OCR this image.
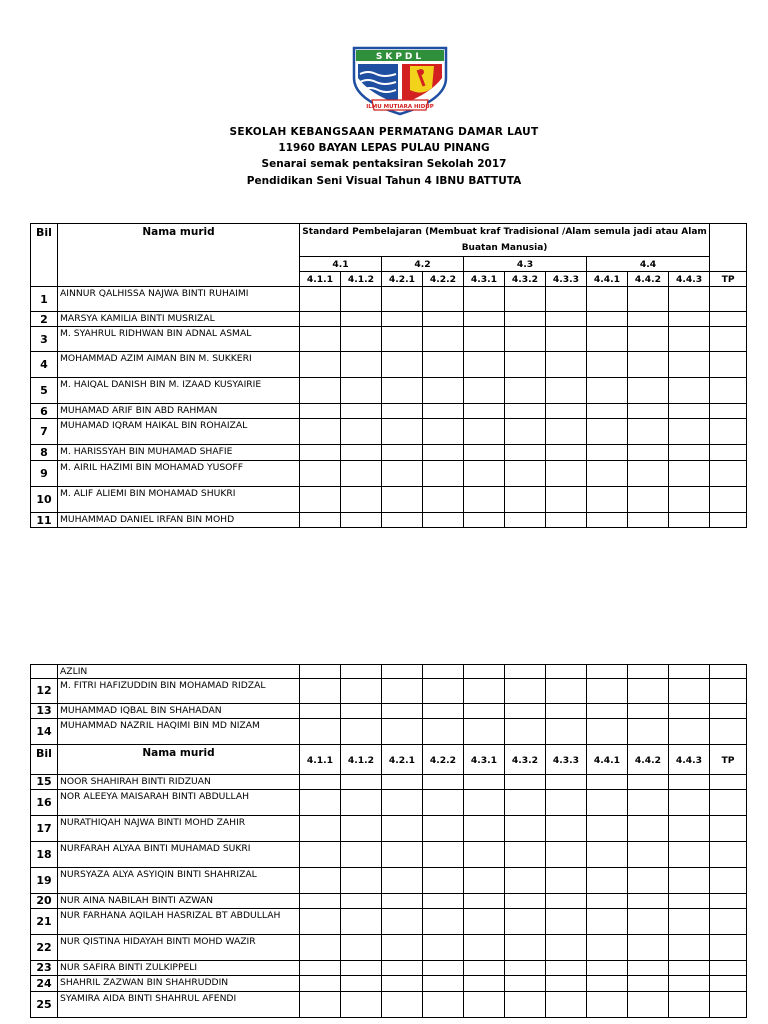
SKPDL
ILMU MUTIARA HIDUP
SEKOLAH KEBANGSAAN PERMATANG DAMAR LAUT
11960 BAYAN LEPAS PULAU PINANG
Senarai semak pentaksiran Sekolah 2017
Pendidikan Seni Visual Tahun 4 IBNU BATTUTA
Bil	Nama murid	Standard Pembelajaran (Membuat kraf Tradisional /Alam semula jadi atau Alam Buatan Manusia)										
		4.1		4.2		4.3			4.4			
		4.1.1	4.1.2	4.2.1	4.2.2	4.3.1	4.3.2	4.3.3	4.4.1	4.4.2	4.4.3	TP
1	AINNUR QALHISSA NAJWA BINTI RUHAIMI											
2	MARSYA KAMILIA BINTI MUSRIZAL											
3	M. SYAHRUL RIDHWAN BIN ADNAL ASMAL											
4	MOHAMMAD AZIM AIMAN BIN M. SUKKERI											
5	M. HAIQAL DANISH BIN M. IZAAD KUSYAIRIE											
6	MUHAMAD ARIF BIN ABD RAHMAN											
7	MUHAMAD IQRAM HAIKAL BIN ROHAIZAL											
8	M. HARISSYAH BIN MUHAMAD SHAFIE											
9	M. AIRIL HAZIMI BIN MOHAMAD YUSOFF											
10	M. ALIF ALIEMI BIN MOHAMAD SHUKRI											
11	MUHAMMAD DANIEL IRFAN BIN MOHD											
	AZLIN											
12	M. FITRI HAFIZUDDIN BIN MOHAMAD RIDZAL											
13	MUHAMMAD IQBAL BIN SHAHADAN											
14	MUHAMMAD NAZRIL HAQIMI BIN MD NIZAM											
Bil	Nama murid	4.1.1	4.1.2	4.2.1	4.2.2	4.3.1	4.3.2	4.3.3	4.4.1	4.4.2	4.4.3	TP
15	NOOR SHAHIRAH BINTI RIDZUAN											
16	NOR ALEEYA MAISARAH BINTI ABDULLAH											
17	NURATHIQAH NAJWA BINTI MOHD ZAHIR											
18	NURFARAH ALYAA BINTI MUHAMAD SUKRI											
19	NURSYAZA ALYA ASYIQIN BINTI SHAHRIZAL											
20	NUR AINA NABILAH BINTI AZWAN											
21	NUR FARHANA AQILAH HASRIZAL BT ABDULLAH											
22	NUR QISTINA HIDAYAH BINTI MOHD WAZIR											
23	NUR SAFIRA BINTI ZULKIPPELI											
24	SHAHRIL ZAZWAN BIN SHAHRUDDIN											
25	SYAMIRA AIDA BINTI SHAHRUL AFENDI											
